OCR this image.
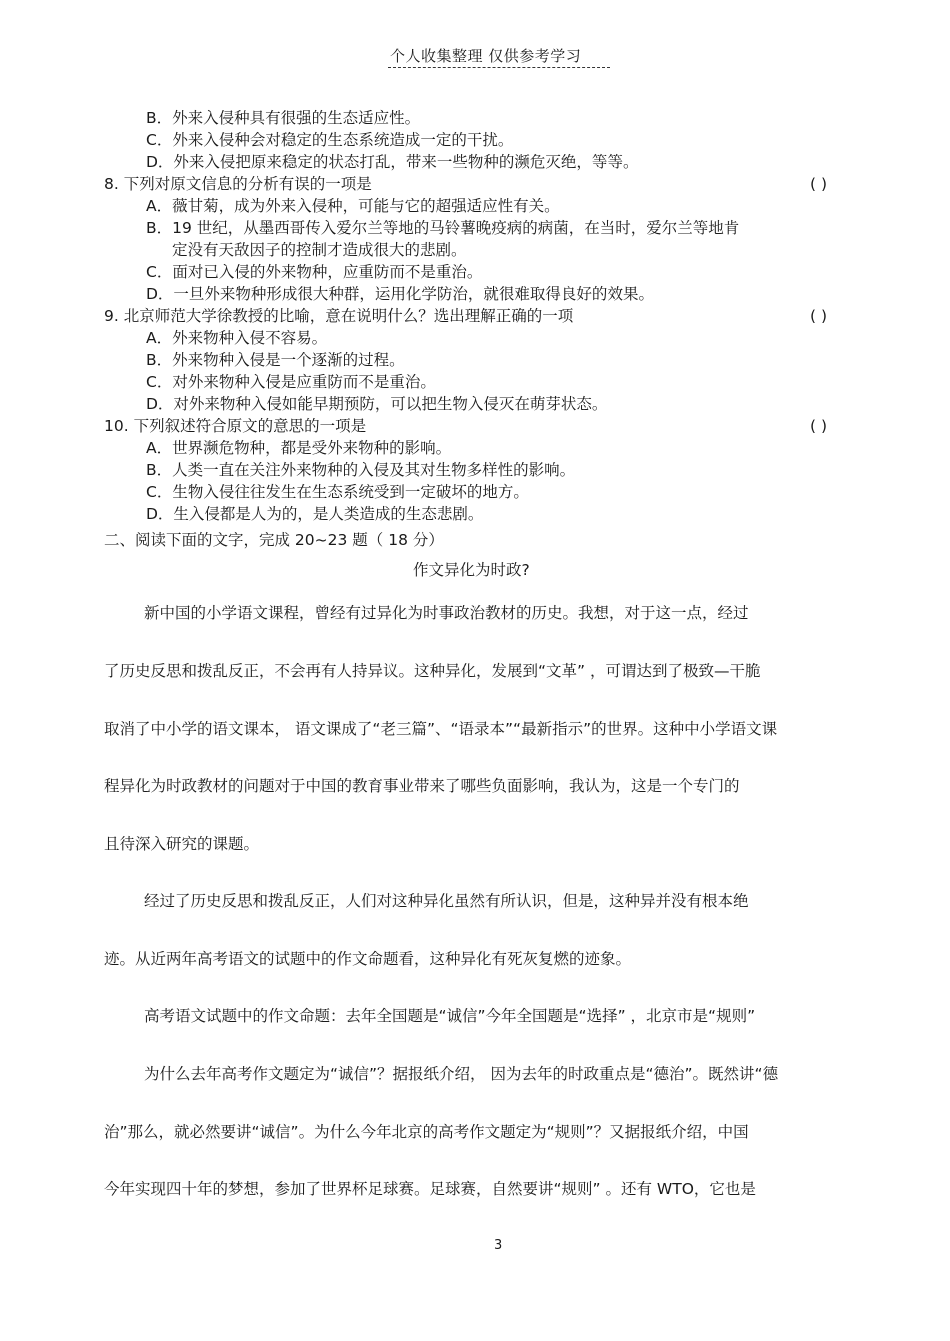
个人收集整理 仅供参考学习
B．外来入侵种具有很强的生态适应性。
C．外来入侵种会对稳定的生态系统造成一定的干扰。
D．外来入侵把原来稳定的状态打乱，带来一些物种的濒危灭绝，等等。
8. 下列对原文信息的分析有误的一项是	( )
A．薇甘菊，成为外来入侵种，可能与它的超强适应性有关。
B．19 世纪，从墨西哥传入爱尔兰等地的马铃薯晚疫病的病菌，在当时，爱尔兰等地肯
定没有天敌因子的控制才造成很大的悲剧。
C．面对已入侵的外来物种，应重防而不是重治。
D．一旦外来物种形成很大种群，运用化学防治，就很难取得良好的效果。
9. 北京师范大学徐教授的比喻，意在说明什么？选出理解正确的一项	( )
A．外来物种入侵不容易。
B．外来物种入侵是一个逐渐的过程。
C．对外来物种入侵是应重防而不是重治。
D．对外来物种入侵如能早期预防，可以把生物入侵灭在萌芽状态。
10. 下列叙述符合原文的意思的一项是	( )
A．世界濒危物种，都是受外来物种的影响。
B．人类一直在关注外来物种的入侵及其对生物多样性的影响。
C．生物入侵往往发生在生态系统受到一定破坏的地方。
D．生入侵都是人为的，是人类造成的生态悲剧。
二、阅读下面的文字，完成 20~23 题（ 18 分）
作文异化为时政?
新中国的小学语文课程，曾经有过异化为时事政治教材的历史。我想，对于这一点，经过
了历史反思和拨乱反正，不会再有人持异议。这种异化，发展到“文革” ，可谓达到了极致—干脆
取消了中小学的语文课本， 语文课成了“老三篇”、“语录本”“最新指示”的世界。这种中小学语文课
程异化为时政教材的问题对于中国的教育事业带来了哪些负面影响，我认为，这是一个专门的
且待深入研究的课题。
经过了历史反思和拨乱反正，人们对这种异化虽然有所认识，但是，这种异并没有根本绝
迹。从近两年高考语文的试题中的作文命题看，这种异化有死灰复燃的迹象。
高考语文试题中的作文命题：去年全国题是“诚信”今年全国题是“选择” ，北京市是“规则”
为什么去年高考作文题定为“诚信”？据报纸介绍， 因为去年的时政重点是“德治”。既然讲“德
治”那么，就必然要讲“诚信”。为什么今年北京的高考作文题定为“规则”？又据报纸介绍，中国
今年实现四十年的梦想，参加了世界杯足球赛。足球赛，自然要讲“规则” 。还有 WTO，它也是
3
